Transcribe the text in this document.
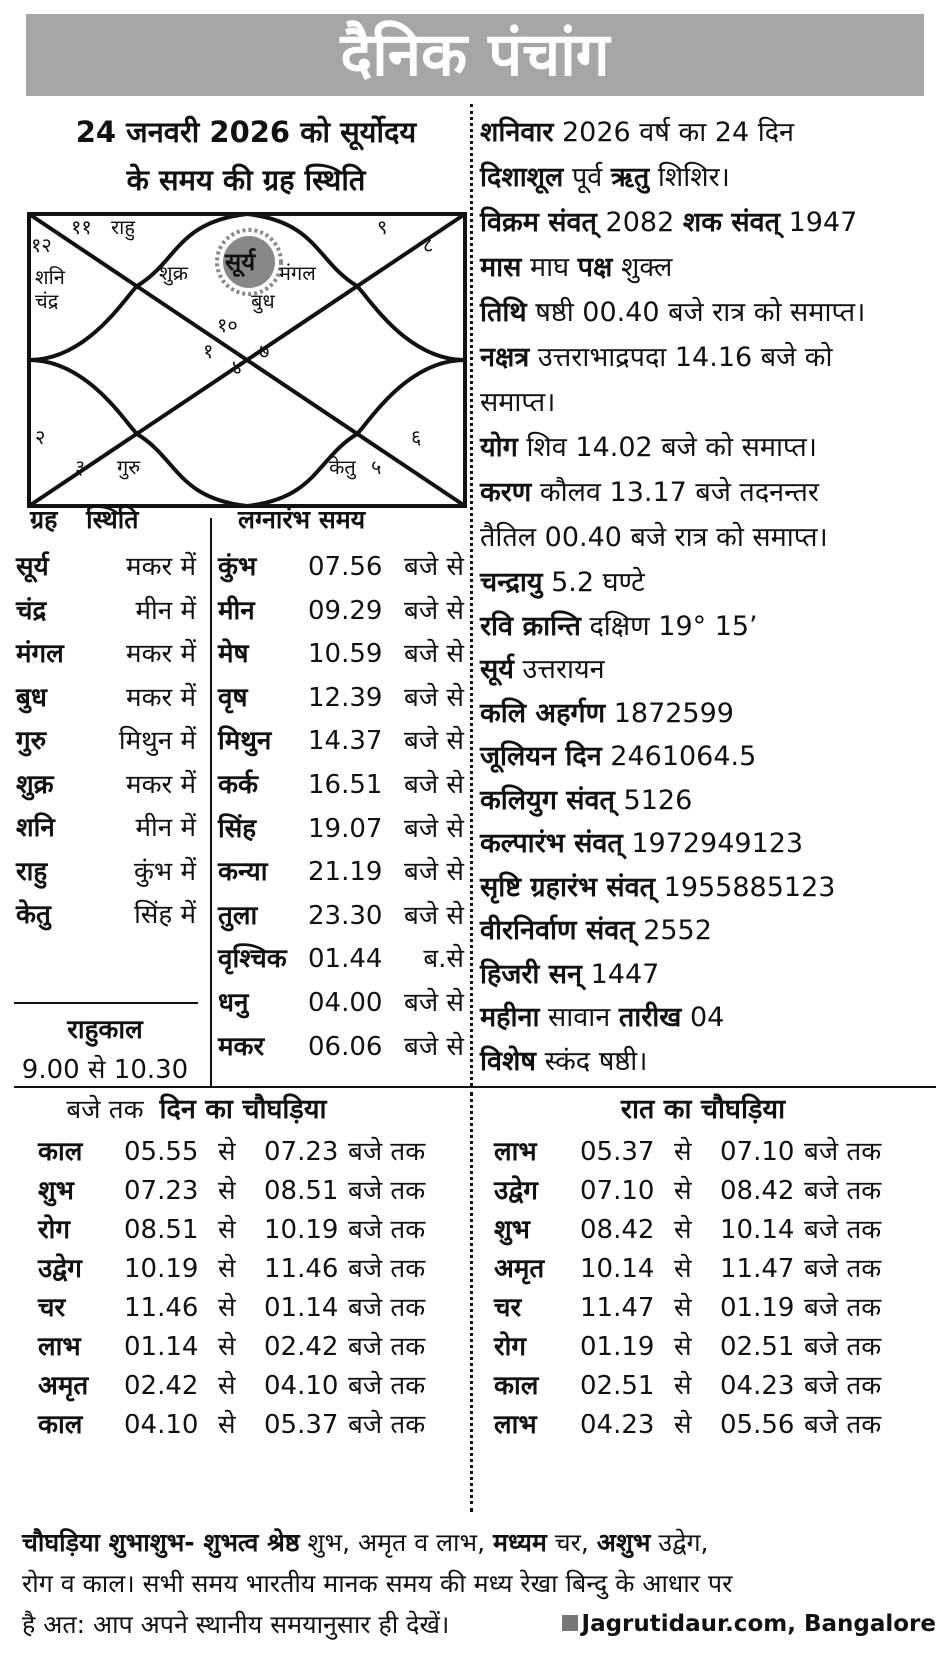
दैनिक पंचांग
24 जनवरी 2026 को सूर्योदय
के समय की ग्रह स्थिति
१०
१
४
७
२
३	५
६
८
९
११
१२
राहु
शनि
चंद्र
शुक्र	मंगल
बुध
गुरु	केतु
सूर्य
ग्रह स्थिति
सूर्य	मकर में
चंद्र	मीन में
मंगल मकर में
बुध	मकर में
गुरु	मिथुन में
शुक्र	मकर में
शनि	मीन में
राहु	कुंभ में
केतु	सिंह में
लग्नारंभ समय
कुंभ 07.56 बजे से
मीन 09.29 बजे से
मेष 10.59 बजे से
वृष 12.39 बजे से
मिथुन 14.37 बजे से
कर्क 16.51 बजे से
सिंह 19.07 बजे से
कन्या 21.19 बजे से
तुला 23.30 बजे से
वृश्चिक 01.44 ब.से
धनु 04.00 बजे से
मकर 06.06 बजे से
राहुकाल
9.00 से 10.30
बजे तक
शनिवार 2026 वर्ष का 24 दिन
दिशाशूल पूर्व ऋतु शिशिर।
विक्रम संवत् 2082 शक संवत् 1947
मास माघ पक्ष शुक्ल
तिथि षष्ठी 00.40 बजे रात्र को समाप्त।
नक्षत्र उत्तराभाद्रपदा 14.16 बजे को
समाप्त।
योग शिव 14.02 बजे को समाप्त।
करण कौलव 13.17 बजे तदनन्तर
तैतिल 00.40 बजे रात्र को समाप्त।
चन्द्रायु 5.2 घण्टे
रवि क्रान्ति दक्षिण 19° 15’
सूर्य उत्तरायन
कलि अहर्गण 1872599
जूलियन दिन 2461064.5
कलियुग संवत् 5126
कल्पारंभ संवत् 1972949123
सृष्टि ग्रहारंभ संवत् 1955885123
वीरनिर्वाण संवत् 2552
हिजरी सन् 1447
महीना सावान तारीख 04
विशेष स्कंद षष्ठी।
दिन का चौघड़िया	रात का चौघड़िया
काल 05.55 से 07.23 बजे तक
शुभ 07.23 से 08.51 बजे तक
रोग 08.51 से 10.19 बजे तक
उद्वेग 10.19 से 11.46 बजे तक
चर 11.46 से 01.14 बजे तक
लाभ 01.14 से 02.42 बजे तक
अमृत 02.42 से 04.10 बजे तक
काल 04.10 से 05.37 बजे तक
लाभ 05.37 से 07.10 बजे तक
उद्वेग 07.10 से 08.42 बजे तक
शुभ 08.42 से 10.14 बजे तक
अमृत 10.14 से 11.47 बजे तक
चर 11.47 से 01.19 बजे तक
रोग 01.19 से 02.51 बजे तक
काल 02.51 से 04.23 बजे तक
लाभ 04.23 से 05.56 बजे तक
चौघड़िया शुभाशुभ- शुभत्व श्रेष्ठ शुभ, अमृत व लाभ, मध्यम चर, अशुभ उद्वेग,
रोग व काल। सभी समय भारतीय मानक समय की मध्य रेखा बिन्दु के आधार पर
है अत: आप अपने स्थानीय समयानुसार ही देखें।	Jagrutidaur.com, Bangalore
